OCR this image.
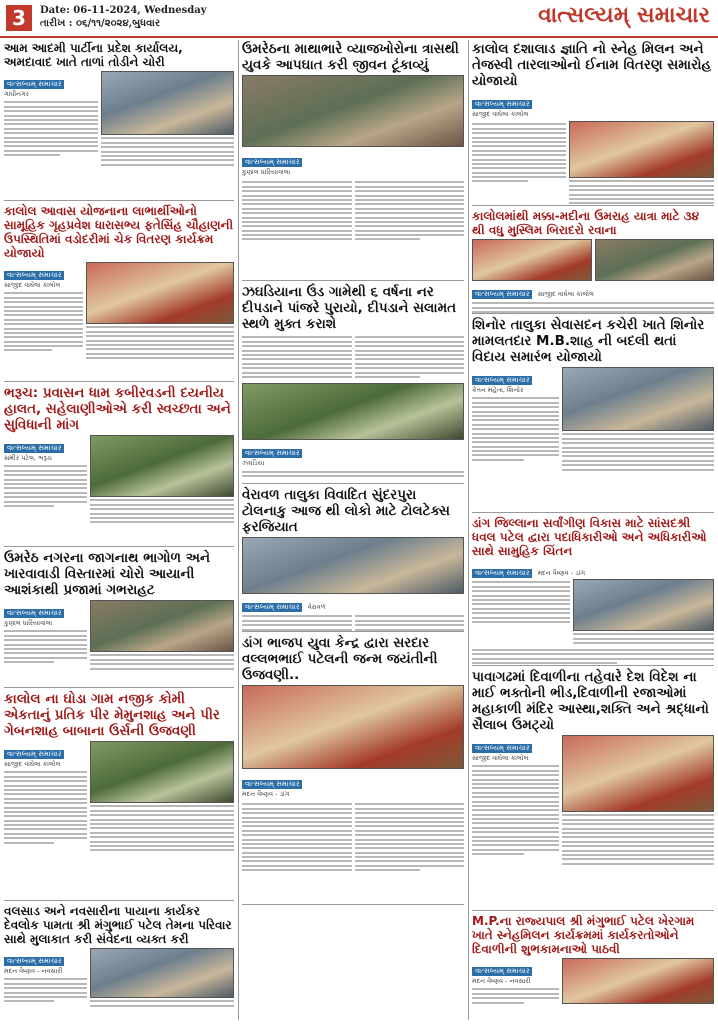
3	Date: 06-11-2024, Wednesday
તારીખ : ૦૬/૧૧/૨૦૨૪,બુધવાર	વાત્સલ્યમ્ સમાચાર
આમ આદમી પાર્ટીના પ્રદેશ કાર્યાલય, અમદાવાદ ખાતે તાળાં તોડીને ચોરી
વાત્સલ્યમ્ સમાચાર
ગાંધીનગર
ઉમરેઠના માથાભારે વ્યાજખોરોના ત્રાસથી યુવકે આપઘાત કરી જીવન ટૂંકાવ્યું
વાત્સલ્યમ્ સમાચાર
કુણાલ ધારિયાવાલા
કાલોલ દશાલાડ જ્ઞાતિ નો સ્નેહ મિલન અને તેજસ્વી તારલાઓનો ઈનામ વિતરણ સમારોહ યોજાયો
વાત્સલ્યમ્ સમાચાર
સાજીદ વાઘેલા કાલોલ
કાલોલ આવાસ યોજનાના લાભાર્થીઓનો સામૂહિક ગૃહપ્રવેશ ધારાસભ્ય ફતેસિંહ ચૌહાણની ઉપસ્થિતિમાં વડોદરીમાં ચેક વિતરણ કાર્યક્રમ યોજાયો
વાત્સલ્યમ્ સમાચાર
સાજીદ વાઘેલા કાલોલ
કાલોલમાંથી મક્કા-મદીના ઉમરાહ યાત્રા માટે ૩૪ થી વધુ મુસ્લિમ બિરાદરો રવાના
વાત્સલ્યમ્ સમાચાર સાજીદ વાઘેલા કાલોલ
ઝઘડિયાના ઉંડ ગામેથી ૬ વર્ષના નર દીપડાને પાંજરે પુરાયો, દીપડાને સલામત સ્થળે મુક્ત કરાશે
વાત્સલ્યમ્ સમાચાર
ઝઘડિયા
ભરૂચ: પ્રવાસન ધામ કબીરવડની દયનીય હાલત, સહેલાણીઓએ કરી સ્વચ્છતા અને સુવિધાની માંગ
વાત્સલ્યમ્ સમાચાર
સમીર પટેલ, ભરૂચ
શિનોર તાલુકા સેવાસદન કચેરી ખાતે શિનોર મામલતદાર M.B.શાહ ની બદલી થતાં વિદાય સમારંભ યોજાયો
વાત્સલ્યમ્ સમાચાર
કેતન મહેતા, શિનોર
ડાંગ જિલ્લાના સર્વાંગીણ વિકાસ માટે સાંસદશ્રી ધવલ પટેલ દ્વારા પદાધિકારીઓ અને અધિકારીઓ સાથે સામુહિક ચિંતન
વાત્સલ્યમ્ સમાચાર મદન વૈષ્ણવ - ડાંગ
ઉમરેઠ નગરના જાગનાથ ભાગોળ અને ખારવાવાડી વિસ્તારમાં ચોરો આયાની આશંકાથી પ્રજામાં ગભરાહટ
વાત્સલ્યમ્ સમાચાર
કુણાલ ધારિયાવાલા
વેરાવળ તાલુકા વિવાદિત સુંદરપુરા ટોલનાકુ આજ થી લોકો માટે ટોલટેક્સ ફરજિયાત
વાત્સલ્યમ્ સમાચાર વેરાવળ
પાવાગઢમાં દિવાળીના તહેવારે દેશ વિદેશ ના માઈ ભક્તોની ભીડ,દિવાળીની રજાઓમાં મહાકાળી મંદિર આસ્થા,શક્તિ અને શ્રદ્ધાનો સૈલાબ ઉમટ્યો
વાત્સલ્યમ્ સમાચાર
સાજીદ વાઘેલા કાલોલ
ડાંગ ભાજપ યુવા કેન્દ્ર દ્વારા સરદાર વલ્લભભાઈ પટેલની જન્મ જયંતીની ઉજવણી..
વાત્સલ્યમ્ સમાચાર
મદન વૈષ્ણવ - ડાંગ
કાલોલ ના ઘોડા ગામ નજીક કોમી એકતાનું પ્રતિક પીર મેમુનશાહ અને પીર ગેબનશાહ બાબાના ઉર્સની ઉજવણી
વાત્સલ્યમ્ સમાચાર
સાજીદ વાઘેલા કાલોલ
વલસાડ અને નવસારીના પાયાના કાર્યકર દેવલોક પામતા શ્રી મંગુભાઈ પટેલ તેમના પરિવાર સાથે મુલાકાત કરી સંવેદના વ્યક્ત કરી
વાત્સલ્યમ્ સમાચાર
મદન વૈષ્ણવ - નવસારી
M.P.ના રાજ્યપાલ શ્રી મંગુભાઈ પટેલ ખેરગામ ખાતે સ્નેહમિલન કાર્યક્રમમાં કાર્યકરતોઓને દિવાળીની શુભકામનાઓ પાઠવી
વાત્સલ્યમ્ સમાચાર
મદન વૈષ્ણવ - નવસારી
